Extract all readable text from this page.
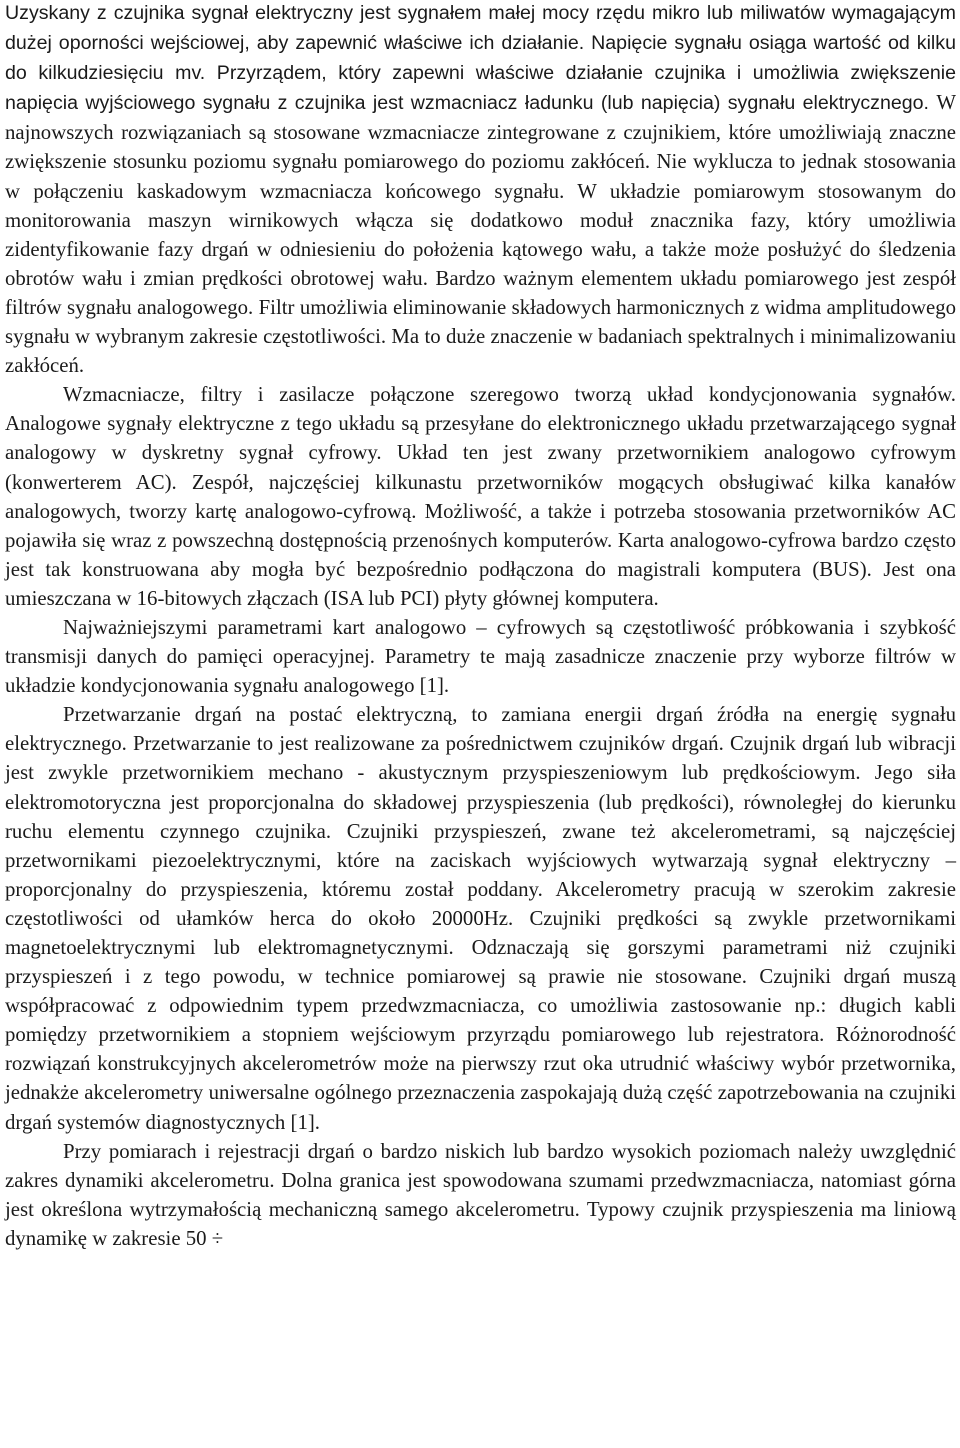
Uzyskany z czujnika sygnał elektryczny jest sygnałem małej mocy rzędu mikro lub miliwatów wymagającym dużej oporności wejściowej, aby zapewnić właściwe ich działanie. Napięcie sygnału osiąga wartość od kilku do kilkudziesięciu mv. Przyrządem, który zapewni właściwe działanie czujnika i umożliwia zwiększenie napięcia wyjściowego sygnału z czujnika jest wzmacniacz ładunku (lub napięcia) sygnału elektrycznego. W najnowszych rozwiązaniach są stosowane wzmacniacze zintegrowane z czujnikiem, które umożliwiają znaczne zwiększenie stosunku poziomu sygnału pomiarowego do poziomu zakłóceń. Nie wyklucza to jednak stosowania w połączeniu kaskadowym wzmacniacza końcowego sygnału. W układzie pomiarowym stosowanym do monitorowania maszyn wirnikowych włącza się dodatkowo moduł znacznika fazy, który umożliwia zidentyfikowanie fazy drgań w odniesieniu do położenia kątowego wału, a także może posłużyć do śledzenia obrotów wału i zmian prędkości obrotowej wału. Bardzo ważnym elementem układu pomiarowego jest zespół filtrów sygnału analogowego. Filtr umożliwia eliminowanie składowych harmonicznych z widma amplitudowego sygnału w wybranym zakresie częstotliwości. Ma to duże znaczenie w badaniach spektralnych i minimalizowaniu zakłóceń.

Wzmacniacze, filtry i zasilacze połączone szeregowo tworzą układ kondycjonowania sygnałów. Analogowe sygnały elektryczne z tego układu są przesyłane do elektronicznego układu przetwarzającego sygnał analogowy w dyskretny sygnał cyfrowy. Układ ten jest zwany przetwornikiem analogowo cyfrowym (konwerterem AC). Zespół, najczęściej kilkunastu przetworników mogących obsługiwać kilka kanałów analogowych, tworzy kartę analogowo-cyfrową. Możliwość, a także i potrzeba stosowania przetworników AC pojawiła się wraz z powszechną dostępnością przenośnych komputerów. Karta analogowo-cyfrowa bardzo często jest tak konstruowana aby mogła być bezpośrednio podłączona do magistrali komputera (BUS). Jest ona umieszczana w 16-bitowych złączach (ISA lub PCI) płyty głównej komputera.

Najważniejszymi parametrami kart analogowo – cyfrowych są częstotliwość próbkowania i szybkość transmisji danych do pamięci operacyjnej. Parametry te mają zasadnicze znaczenie przy wyborze filtrów w układzie kondycjonowania sygnału analogowego [1].

Przetwarzanie drgań na postać elektryczną, to zamiana energii drgań źródła na energię sygnału elektrycznego. Przetwarzanie to jest realizowane za pośrednictwem czujników drgań. Czujnik drgań lub wibracji jest zwykle przetwornikiem mechano - akustycznym przyspieszeniowym lub prędkościowym. Jego siła elektromotoryczna jest proporcjonalna do składowej przyspieszenia (lub prędkości), równoległej do kierunku ruchu elementu czynnego czujnika. Czujniki przyspieszeń, zwane też akcelerometrami, są najczęściej przetwornikami piezoelektrycznymi, które na zaciskach wyjściowych wytwarzają sygnał elektryczny – proporcjonalny do przyspieszenia, któremu został poddany. Akcelerometry pracują w szerokim zakresie częstotliwości od ułamków herca do około 20000Hz. Czujniki prędkości są zwykle przetwornikami magnetoelektrycznymi lub elektromagnetycznymi. Odznaczają się gorszymi parametrami niż czujniki przyspieszeń i z tego powodu, w technice pomiarowej są prawie nie stosowane. Czujniki drgań muszą współpracować z odpowiednim typem przedwzmacniacza, co umożliwia zastosowanie np.: długich kabli pomiędzy przetwornikiem a stopniem wejściowym przyrządu pomiarowego lub rejestratora. Różnorodność rozwiązań konstrukcyjnych akcelerometrów może na pierwszy rzut oka utrudnić właściwy wybór przetwornika, jednakże akcelerometry uniwersalne ogólnego przeznaczenia zaspokajają dużą część zapotrzebowania na czujniki drgań systemów diagnostycznych [1].

Przy pomiarach i rejestracji drgań o bardzo niskich lub bardzo wysokich poziomach należy uwzględnić zakres dynamiki akcelerometru. Dolna granica jest spowodowana szumami przedwzmacniacza, natomiast górna jest określona wytrzymałością mechaniczną samego akcelerometru. Typowy czujnik przyspieszenia ma liniową dynamikę w zakresie 50 ÷
